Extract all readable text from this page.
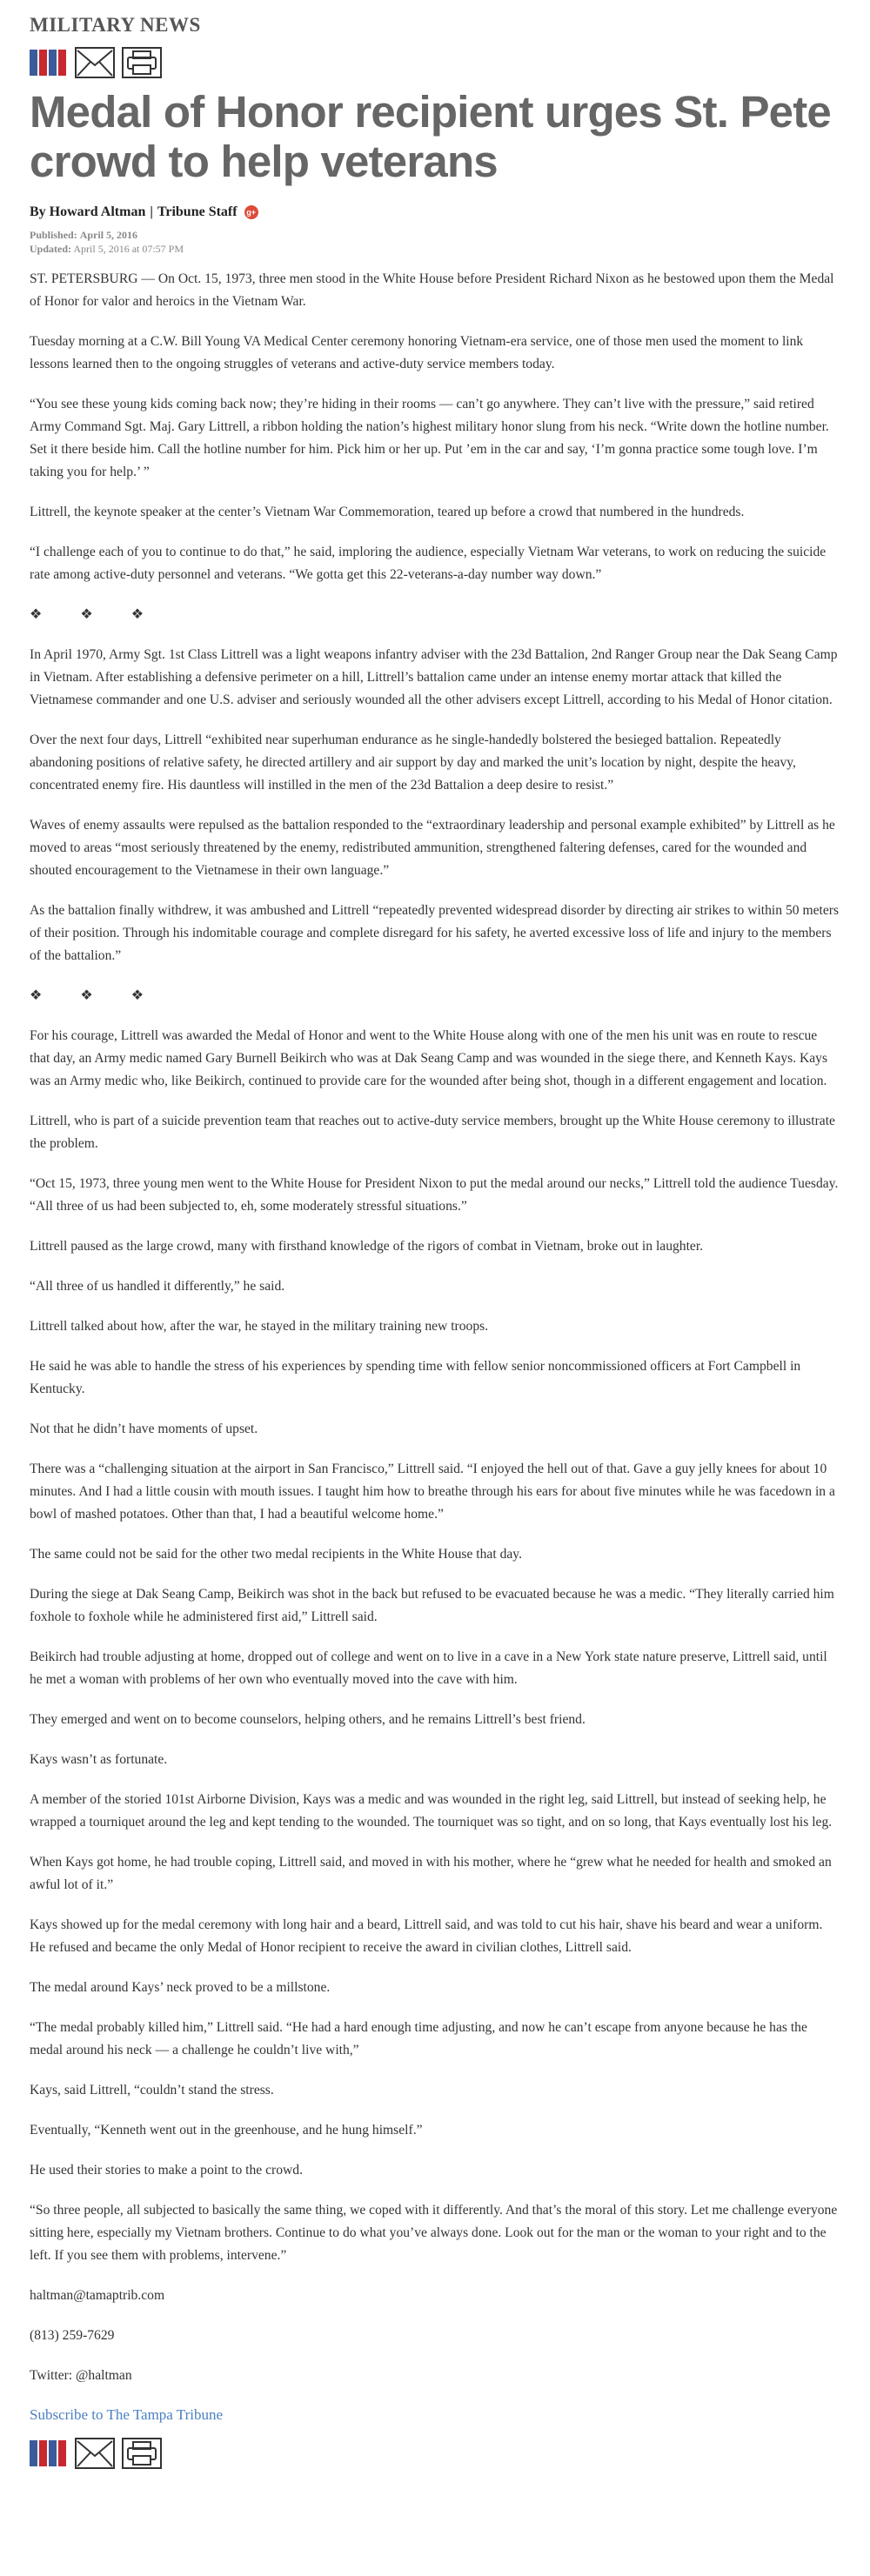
MILITARY NEWS
Medal of Honor recipient urges St. Pete crowd to help veterans
By Howard Altman | Tribune Staff g+
Published: April 5, 2016
Updated: April 5, 2016 at 07:57 PM

ST. PETERSBURG — On Oct. 15, 1973, three men stood in the White House before President Richard Nixon as he bestowed upon them the Medal of Honor for valor and heroics in the Vietnam War.

Tuesday morning at a C.W. Bill Young VA Medical Center ceremony honoring Vietnam-era service, one of those men used the moment to link lessons learned then to the ongoing struggles of veterans and active-duty service members today.

“You see these young kids coming back now; they’re hiding in their rooms — can’t go anywhere. They can’t live with the pressure,” said retired Army Command Sgt. Maj. Gary Littrell, a ribbon holding the nation’s highest military honor slung from his neck. “Write down the hotline number. Set it there beside him. Call the hotline number for him. Pick him or her up. Put ’em in the car and say, ‘I’m gonna practice some tough love. I’m taking you for help.’ ”

Littrell, the keynote speaker at the center’s Vietnam War Commemoration, teared up before a crowd that numbered in the hundreds.

“I challenge each of you to continue to do that,” he said, imploring the audience, especially Vietnam War veterans, to work on reducing the suicide rate among active-duty personnel and veterans. “We gotta get this 22-veterans-a-day number way down.”

❖ ❖ ❖

In April 1970, Army Sgt. 1st Class Littrell was a light weapons infantry adviser with the 23d Battalion, 2nd Ranger Group near the Dak Seang Camp in Vietnam. After establishing a defensive perimeter on a hill, Littrell’s battalion came under an intense enemy mortar attack that killed the Vietnamese commander and one U.S. adviser and seriously wounded all the other advisers except Littrell, according to his Medal of Honor citation.

Over the next four days, Littrell “exhibited near superhuman endurance as he single-handedly bolstered the besieged battalion. Repeatedly abandoning positions of relative safety, he directed artillery and air support by day and marked the unit’s location by night, despite the heavy, concentrated enemy fire. His dauntless will instilled in the men of the 23d Battalion a deep desire to resist.”

Waves of enemy assaults were repulsed as the battalion responded to the “extraordinary leadership and personal example exhibited” by Littrell as he moved to areas “most seriously threatened by the enemy, redistributed ammunition, strengthened faltering defenses, cared for the wounded and shouted encouragement to the Vietnamese in their own language.”

As the battalion finally withdrew, it was ambushed and Littrell “repeatedly prevented widespread disorder by directing air strikes to within 50 meters of their position. Through his indomitable courage and complete disregard for his safety, he averted excessive loss of life and injury to the members of the battalion.”

❖ ❖ ❖

For his courage, Littrell was awarded the Medal of Honor and went to the White House along with one of the men his unit was en route to rescue that day, an Army medic named Gary Burnell Beikirch who was at Dak Seang Camp and was wounded in the siege there, and Kenneth Kays. Kays was an Army medic who, like Beikirch, continued to provide care for the wounded after being shot, though in a different engagement and location.

Littrell, who is part of a suicide prevention team that reaches out to active-duty service members, brought up the White House ceremony to illustrate the problem.

“Oct 15, 1973, three young men went to the White House for President Nixon to put the medal around our necks,” Littrell told the audience Tuesday. “All three of us had been subjected to, eh, some moderately stressful situations.”

Littrell paused as the large crowd, many with firsthand knowledge of the rigors of combat in Vietnam, broke out in laughter.

“All three of us handled it differently,” he said.

Littrell talked about how, after the war, he stayed in the military training new troops.

He said he was able to handle the stress of his experiences by spending time with fellow senior noncommissioned officers at Fort Campbell in Kentucky.

Not that he didn’t have moments of upset.

There was a “challenging situation at the airport in San Francisco,” Littrell said. “I enjoyed the hell out of that. Gave a guy jelly knees for about 10 minutes. And I had a little cousin with mouth issues. I taught him how to breathe through his ears for about five minutes while he was facedown in a bowl of mashed potatoes. Other than that, I had a beautiful welcome home.”

The same could not be said for the other two medal recipients in the White House that day.

During the siege at Dak Seang Camp, Beikirch was shot in the back but refused to be evacuated because he was a medic. “They literally carried him foxhole to foxhole while he administered first aid,” Littrell said.

Beikirch had trouble adjusting at home, dropped out of college and went on to live in a cave in a New York state nature preserve, Littrell said, until he met a woman with problems of her own who eventually moved into the cave with him.

They emerged and went on to become counselors, helping others, and he remains Littrell’s best friend.

Kays wasn’t as fortunate.

A member of the storied 101st Airborne Division, Kays was a medic and was wounded in the right leg, said Littrell, but instead of seeking help, he wrapped a tourniquet around the leg and kept tending to the wounded. The tourniquet was so tight, and on so long, that Kays eventually lost his leg.

When Kays got home, he had trouble coping, Littrell said, and moved in with his mother, where he “grew what he needed for health and smoked an awful lot of it.”

Kays showed up for the medal ceremony with long hair and a beard, Littrell said, and was told to cut his hair, shave his beard and wear a uniform. He refused and became the only Medal of Honor recipient to receive the award in civilian clothes, Littrell said.

The medal around Kays’ neck proved to be a millstone.

“The medal probably killed him,” Littrell said. “He had a hard enough time adjusting, and now he can’t escape from anyone because he has the medal around his neck — a challenge he couldn’t live with,”

Kays, said Littrell, “couldn’t stand the stress.

Eventually, “Kenneth went out in the greenhouse, and he hung himself.”

He used their stories to make a point to the crowd.

“So three people, all subjected to basically the same thing, we coped with it differently. And that’s the moral of this story. Let me challenge everyone sitting here, especially my Vietnam brothers. Continue to do what you’ve always done. Look out for the man or the woman to your right and to the left. If you see them with problems, intervene.”

haltman@tamaptrib.com

(813) 259-7629

Twitter: @haltman

Subscribe to The Tampa Tribune
